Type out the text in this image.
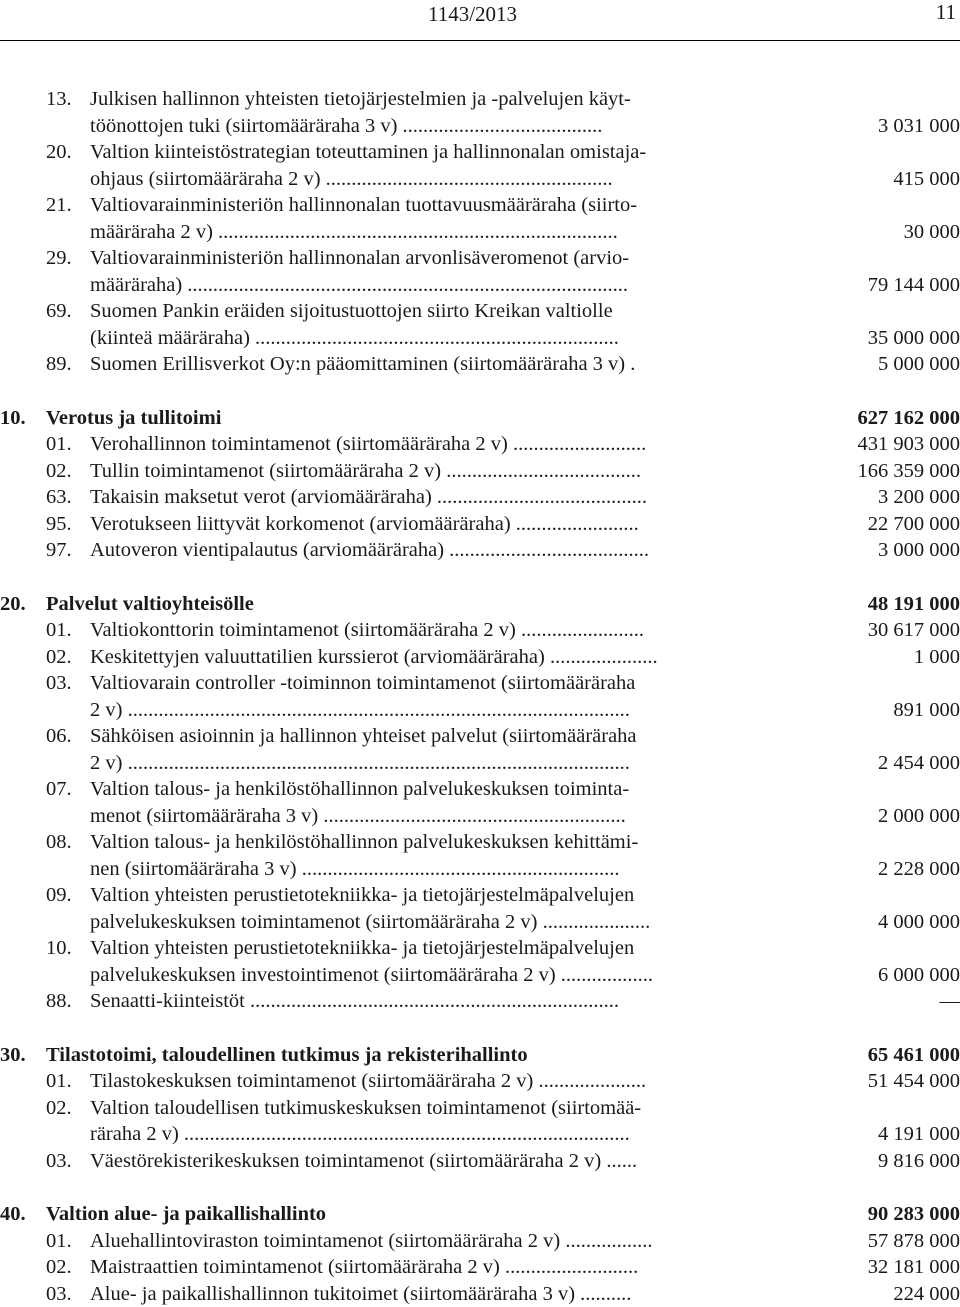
1143/2013	11
13. Julkisen hallinnon yhteisten tietojärjestelmien ja -palvelujen käyt-
töönottojen tuki (siirtomääräraha 3 v) .......................................	3 031 000
20. Valtion kiinteistöstrategian toteuttaminen ja hallinnonalan omistaja-
ohjaus (siirtomääräraha 2 v) ........................................................	415 000
21. Valtiovarainministeriön hallinnonalan tuottavuusmääräraha (siirto-
määräraha 2 v) ..............................................................................	30 000
29. Valtiovarainministeriön hallinnonalan arvonlisäveromenot (arvio-
määräraha) ......................................................................................	79 144 000
69. Suomen Pankin eräiden sijoitustuottojen siirto Kreikan valtiolle
(kiinteä määräraha) .......................................................................	35 000 000
89. Suomen Erillisverkot Oy:n pääomittaminen (siirtomääräraha 3 v) .	5 000 000
10. Verotus ja tullitoimi	627 162 000
01. Verohallinnon toimintamenot (siirtomääräraha 2 v) ..........................	431 903 000
02. Tullin toimintamenot (siirtomääräraha 2 v) ......................................	166 359 000
63. Takaisin maksetut verot (arviomääräraha) .........................................	3 200 000
95. Verotukseen liittyvät korkomenot (arviomääräraha) ........................	22 700 000
97. Autoveron vientipalautus (arviomääräraha) .......................................	3 000 000
20. Palvelut valtioyhteisölle	48 191 000
01. Valtiokonttorin toimintamenot (siirtomääräraha 2 v) ........................	30 617 000
02. Keskitettyjen valuuttatilien kurssierot (arviomääräraha) .....................	1 000
03. Valtiovarain controller -toiminnon toimintamenot (siirtomääräraha
2 v) ..................................................................................................	891 000
06. Sähköisen asioinnin ja hallinnon yhteiset palvelut (siirtomääräraha
2 v) ..................................................................................................	2 454 000
07. Valtion talous- ja henkilöstöhallinnon palvelukeskuksen toiminta-
menot (siirtomääräraha 3 v) ...........................................................	2 000 000
08. Valtion talous- ja henkilöstöhallinnon palvelukeskuksen kehittämi-
nen (siirtomääräraha 3 v) ..............................................................	2 228 000
09. Valtion yhteisten perustietotekniikka- ja tietojärjestelmäpalvelujen
palvelukeskuksen toimintamenot (siirtomääräraha 2 v) .....................	4 000 000
10. Valtion yhteisten perustietotekniikka- ja tietojärjestelmäpalvelujen
palvelukeskuksen investointimenot (siirtomääräraha 2 v) ..................	6 000 000
88. Senaatti-kiinteistöt ........................................................................	—
30. Tilastotoimi, taloudellinen tutkimus ja rekisterihallinto	65 461 000
01. Tilastokeskuksen toimintamenot (siirtomääräraha 2 v) .....................	51 454 000
02. Valtion taloudellisen tutkimuskeskuksen toimintamenot (siirtomää-
räraha 2 v) .......................................................................................	4 191 000
03. Väestörekisterikeskuksen toimintamenot (siirtomääräraha 2 v) ......	9 816 000
40. Valtion alue- ja paikallishallinto	90 283 000
01. Aluehallintoviraston toimintamenot (siirtomääräraha 2 v) .................	57 878 000
02. Maistraattien toimintamenot (siirtomääräraha 2 v) ..........................	32 181 000
03. Alue- ja paikallishallinnon tukitoimet (siirtomääräraha 3 v) ..........	224 000
